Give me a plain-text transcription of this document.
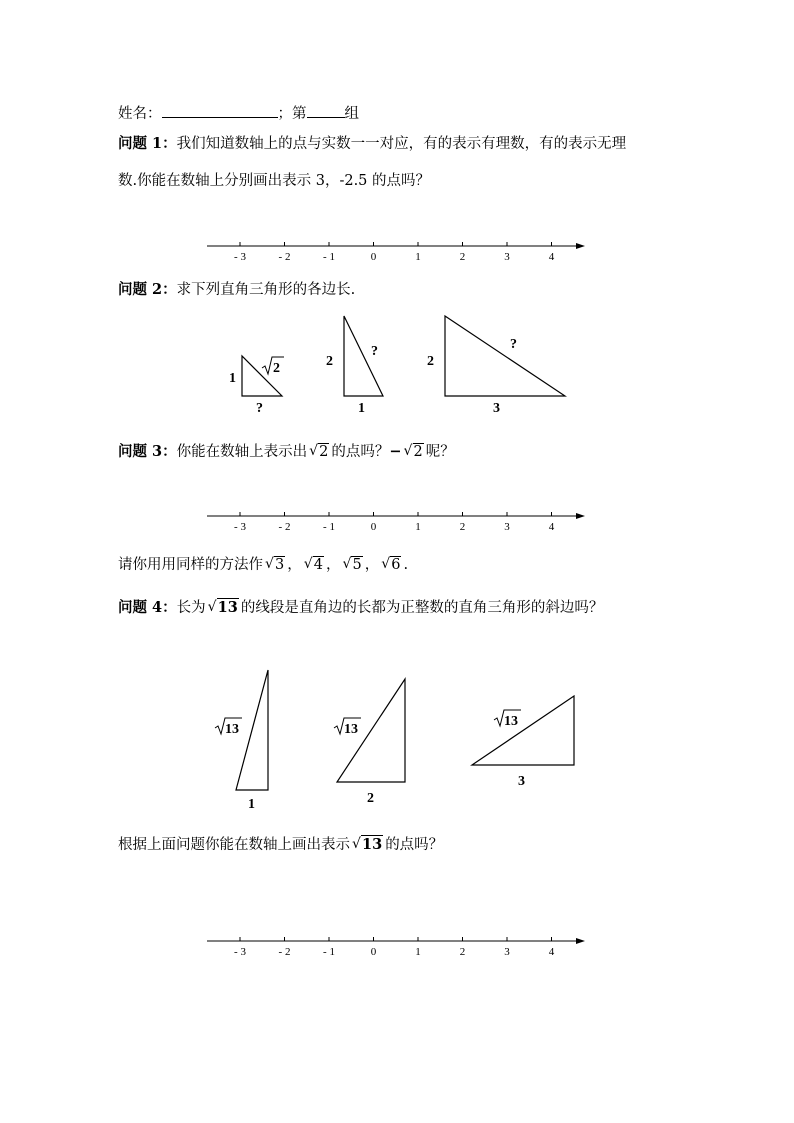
姓名：	；第	组
问题 1：我们知道数轴上的点与实数一一对应，有的表示有理数，有的表示无理
数.你能在数轴上分别画出表示 3，-2.5 的点吗？
- 3	- 2	- 1	0	1	2	3	4
问题 2：求下列直角三角形的各边长.
1
2
?
2
?
1
2
?
3
问题 3：你能在数轴上表示出 √ 2 的点吗？− √ 2 呢？
- 3	- 2	- 1	0	1	2	3	4
请你用用同样的方法作 √ 3 ， √ 4 ， √ 5 ， √ 6 .
问题 4：长为 √ 13 的线段是直角边的长都为正整数的直角三角形的斜边吗？
13
1
13
2
13
3
根据上面问题你能在数轴上画出表示 √ 13 的点吗？
- 3	- 2	- 1	0	1	2	3	4
